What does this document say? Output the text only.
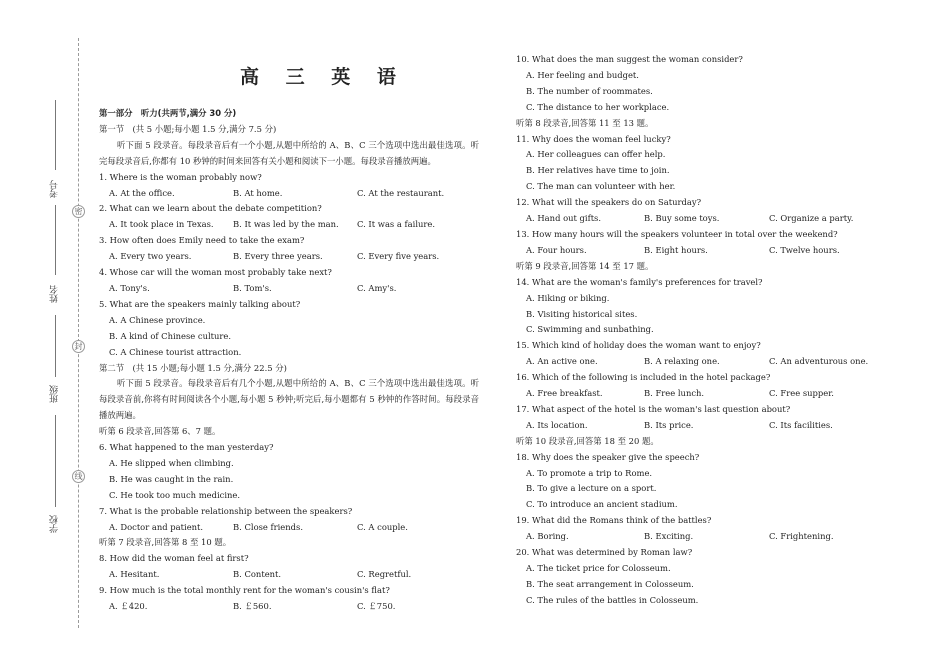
考号
姓名
班级
学校
密
封
线
高 三 英 语
第一部分　听力(共两节,满分 30 分)
第一节　(共 5 小题;每小题 1.5 分,满分 7.5 分)
听下面 5 段录音。每段录音后有一个小题,从题中所给的 A、B、C 三个选项中选出最佳选项。听完每段录音后,你都有 10 秒钟的时间来回答有关小题和阅读下一小题。每段录音播放两遍。
1. Where is the woman probably now?
A. At the office.	B. At home.	C. At the restaurant.
2. What can we learn about the debate competition?
A. It took place in Texas.	B. It was led by the man.	C. It was a failure.
3. How often does Emily need to take the exam?
A. Every two years.	B. Every three years.	C. Every five years.
4. Whose car will the woman most probably take next?
A. Tony's.	B. Tom's.	C. Amy's.
5. What are the speakers mainly talking about?
A. A Chinese province.
B. A kind of Chinese culture.
C. A Chinese tourist attraction.
第二节　(共 15 小题;每小题 1.5 分,满分 22.5 分)
听下面 5 段录音。每段录音后有几个小题,从题中所给的 A、B、C 三个选项中选出最佳选项。听每段录音前,你将有时间阅读各个小题,每小题 5 秒钟;听完后,每小题都有 5 秒钟的作答时间。每段录音播放两遍。
听第 6 段录音,回答第 6、7 题。
6. What happened to the man yesterday?
A. He slipped when climbing.
B. He was caught in the rain.
C. He took too much medicine.
7. What is the probable relationship between the speakers?
A. Doctor and patient.	B. Close friends.	C. A couple.
听第 7 段录音,回答第 8 至 10 题。
8. How did the woman feel at first?
A. Hesitant.	B. Content.	C. Regretful.
9. How much is the total monthly rent for the woman's cousin's flat?
A. ￡420.	B. ￡560.	C. ￡750.
10. What does the man suggest the woman consider?
A. Her feeling and budget.
B. The number of roommates.
C. The distance to her workplace.
听第 8 段录音,回答第 11 至 13 题。
11. Why does the woman feel lucky?
A. Her colleagues can offer help.
B. Her relatives have time to join.
C. The man can volunteer with her.
12. What will the speakers do on Saturday?
A. Hand out gifts.	B. Buy some toys.	C. Organize a party.
13. How many hours will the speakers volunteer in total over the weekend?
A. Four hours.	B. Eight hours.	C. Twelve hours.
听第 9 段录音,回答第 14 至 17 题。
14. What are the woman's family's preferences for travel?
A. Hiking or biking.
B. Visiting historical sites.
C. Swimming and sunbathing.
15. Which kind of holiday does the woman want to enjoy?
A. An active one.	B. A relaxing one.	C. An adventurous one.
16. Which of the following is included in the hotel package?
A. Free breakfast.	B. Free lunch.	C. Free supper.
17. What aspect of the hotel is the woman's last question about?
A. Its location.	B. Its price.	C. Its facilities.
听第 10 段录音,回答第 18 至 20 题。
18. Why does the speaker give the speech?
A. To promote a trip to Rome.
B. To give a lecture on a sport.
C. To introduce an ancient stadium.
19. What did the Romans think of the battles?
A. Boring.	B. Exciting.	C. Frightening.
20. What was determined by Roman law?
A. The ticket price for Colosseum.
B. The seat arrangement in Colosseum.
C. The rules of the battles in Colosseum.
